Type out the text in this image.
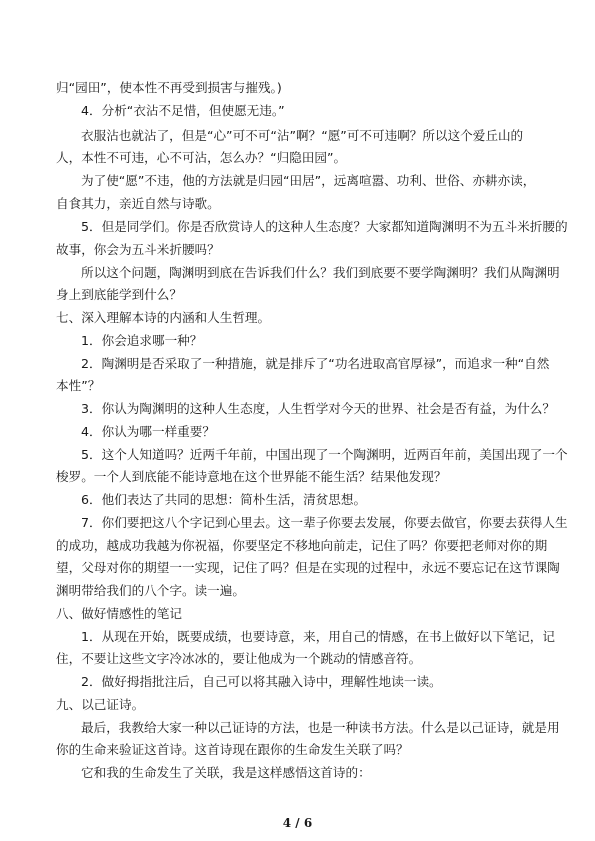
归“园田”，使本性不再受到损害与摧残。)
4．分析“衣沾不足惜，但使愿无违。”
衣服沾也就沾了，但是“心”可不可“沾”啊？“愿”可不可违啊？所以这个爱丘山的
人，本性不可违，心不可沾，怎么办？“归隐田园”。
为了使“愿”不违，他的方法就是归园“田居”，远离喧嚣、功利、世俗、亦耕亦读，
自食其力，亲近自然与诗歌。
5．但是同学们。你是否欣赏诗人的这种人生态度？大家都知道陶渊明不为五斗米折腰的
故事，你会为五斗米折腰吗？
所以这个问题，陶渊明到底在告诉我们什么？我们到底要不要学陶渊明？我们从陶渊明
身上到底能学到什么？
七、深入理解本诗的内涵和人生哲理。
1．你会追求哪一种？
2．陶渊明是否采取了一种措施，就是排斥了“功名进取高官厚禄”，而追求一种“自然
本性”？
3．你认为陶渊明的这种人生态度，人生哲学对今天的世界、社会是否有益，为什么？
4．你认为哪一样重要？
5．这个人知道吗？近两千年前，中国出现了一个陶渊明，近两百年前，美国出现了一个
梭罗。一个人到底能不能诗意地在这个世界能不能生活？结果他发现？
6．他们表达了共同的思想：简朴生活，清贫思想。
7．你们要把这八个字记到心里去。这一辈子你要去发展，你要去做官，你要去获得人生
的成功，越成功我越为你祝福，你要坚定不移地向前走，记住了吗？你要把老师对你的期
望，父母对你的期望一一实现，记住了吗？但是在实现的过程中，永远不要忘记在这节课陶
渊明带给我们的八个字。读一遍。
八、做好情感性的笔记
1．从现在开始，既要成绩，也要诗意，来，用自己的情感，在书上做好以下笔记，记
住，不要让这些文字冷冰冰的，要让他成为一个跳动的情感音符。
2．做好拇指批注后，自己可以将其融入诗中，理解性地读一读。
九、以己证诗。
最后，我教给大家一种以己证诗的方法，也是一种读书方法。什么是以己证诗，就是用
你的生命来验证这首诗。这首诗现在跟你的生命发生关联了吗？
它和我的生命发生了关联，我是这样感悟这首诗的：
4 / 6
